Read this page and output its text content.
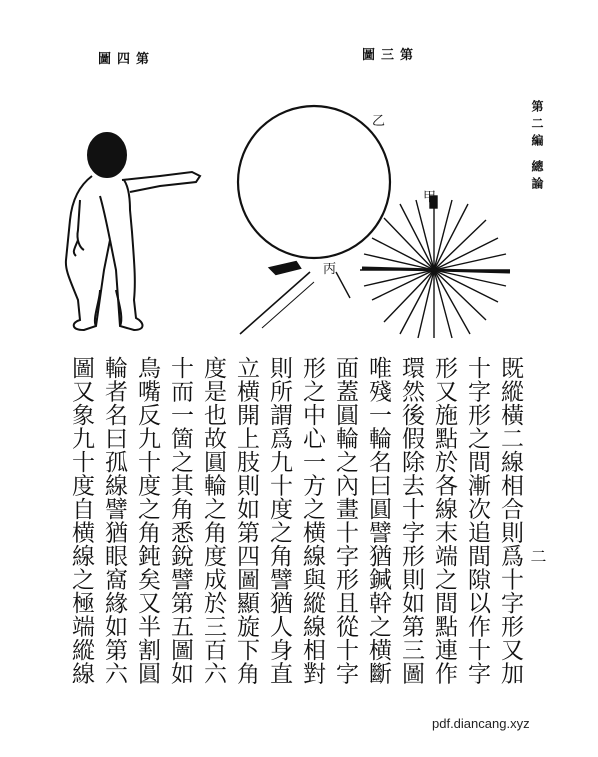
第四圖	第三圖
第二編 總論
乙
甲
丙
既縱橫二線相合則爲十字形又加
十字形之間漸次追間隙以作十字
形又施點於各線末端之間點連作
環然後假除去十字形則如第三圖
唯殘一輪名曰圓譬猶鍼幹之横斷
面蓋圓輪之內畫十字形且從十字
形之中心一方之横線與縱線相對
則所謂爲九十度之角譬猶人身直
立横開上肢則如第四圖顯旋下角
度是也故圓輪之角度成於三百六
十而一箇之其角悉銳譬第五圖如
鳥嘴反九十度之角鈍矣又半割圓
輪者名曰孤線譬猶眼窩緣如第六
圖又象九十度自横線之極端縱線	二
pdf.diancang.xyz
